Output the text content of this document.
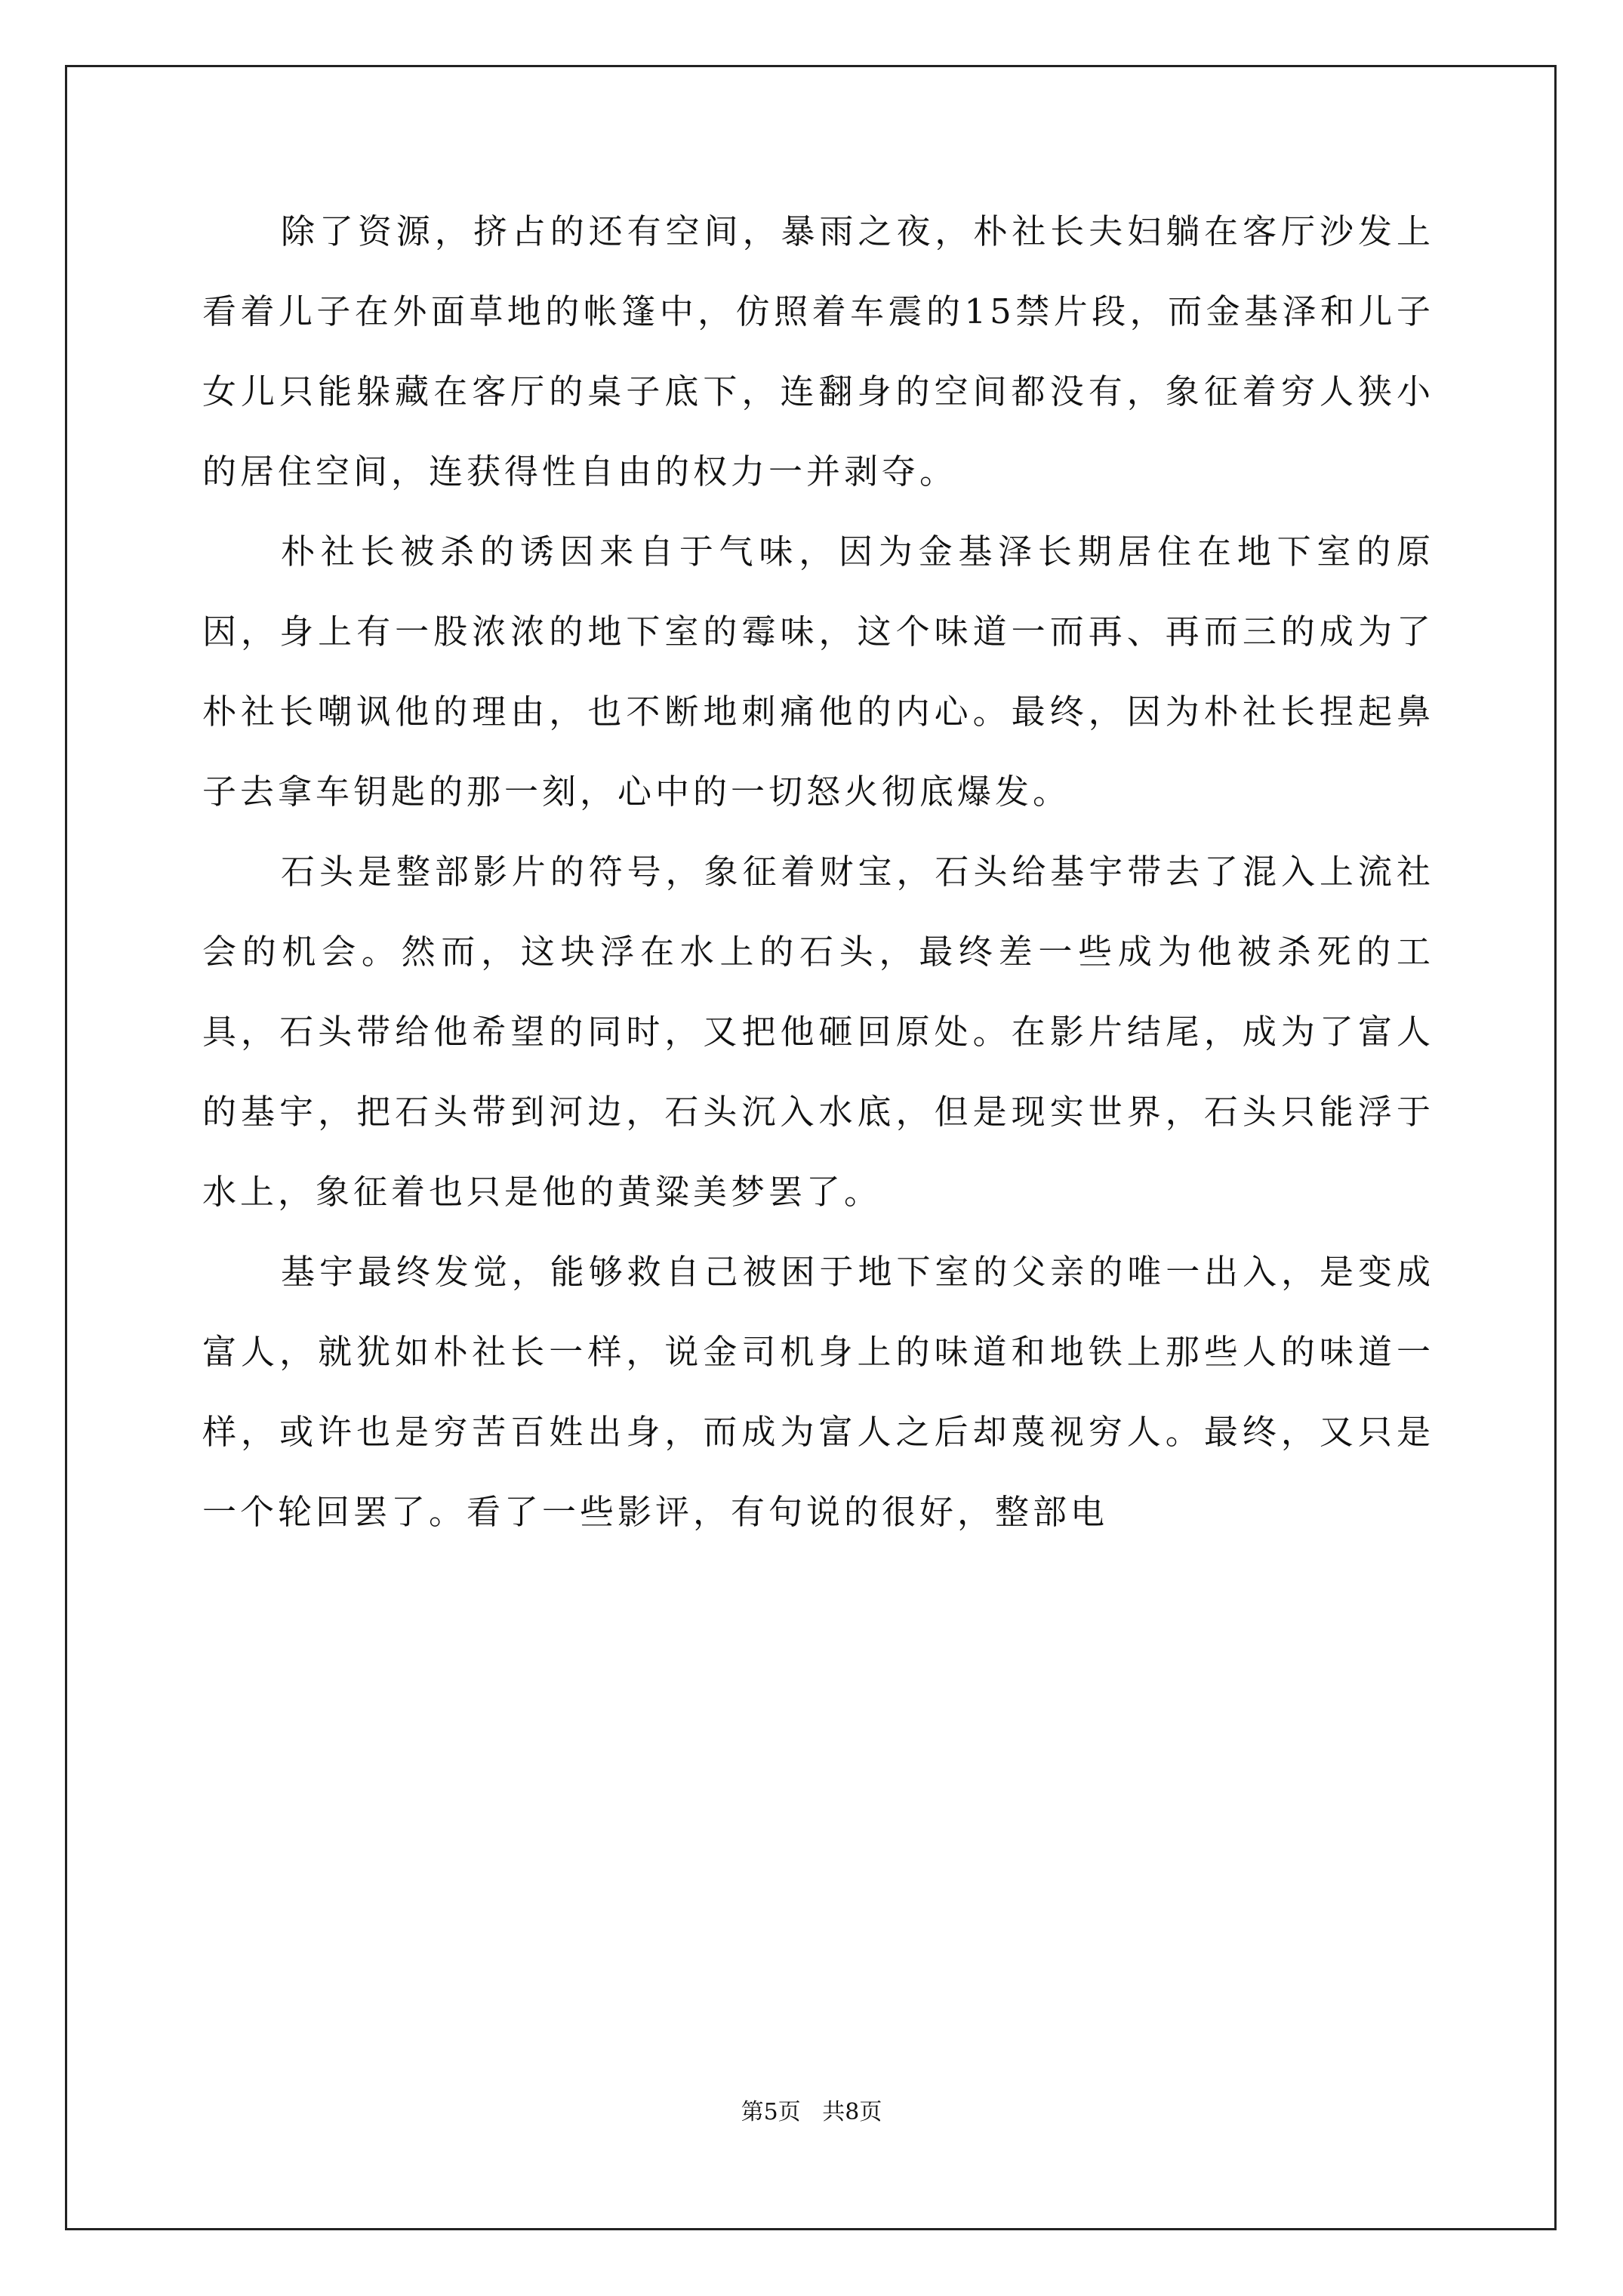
除了资源，挤占的还有空间，暴雨之夜，朴社长夫妇躺在客厅沙发上看着儿子在外面草地的帐篷中，仿照着车震的15禁片段，而金基泽和儿子女儿只能躲藏在客厅的桌子底下，连翻身的空间都没有，象征着穷人狭小的居住空间，连获得性自由的权力一并剥夺。

朴社长被杀的诱因来自于气味，因为金基泽长期居住在地下室的原因，身上有一股浓浓的地下室的霉味，这个味道一而再、再而三的成为了朴社长嘲讽他的理由，也不断地刺痛他的内心。最终，因为朴社长捏起鼻子去拿车钥匙的那一刻，心中的一切怒火彻底爆发。

石头是整部影片的符号，象征着财宝，石头给基宇带去了混入上流社会的机会。然而，这块浮在水上的石头，最终差一些成为他被杀死的工具，石头带给他希望的同时，又把他砸回原处。在影片结尾，成为了富人的基宇，把石头带到河边，石头沉入水底，但是现实世界，石头只能浮于水上，象征着也只是他的黄粱美梦罢了。

基宇最终发觉，能够救自己被困于地下室的父亲的唯一出入，是变成富人，就犹如朴社长一样，说金司机身上的味道和地铁上那些人的味道一样，或许也是穷苦百姓出身，而成为富人之后却蔑视穷人。最终，又只是一个轮回罢了。看了一些影评，有句说的很好，整部电

第5页 共8页
